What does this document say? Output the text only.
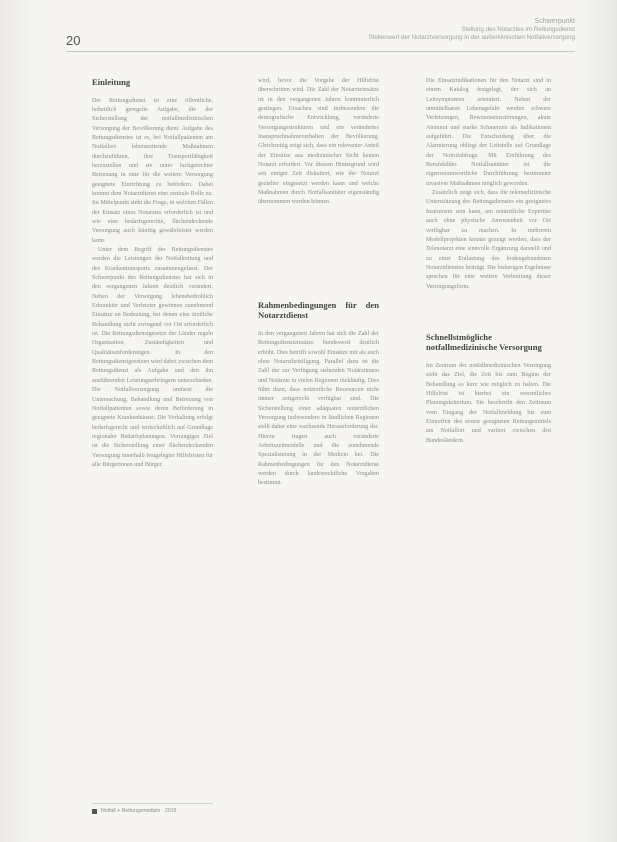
20
Schwerpunkt
Stellung des Notarztes im Rettungsdienst
Stellenwert der Notarztversorgung in der außerklinischen Notfallversorgung
Einleitung

Der Rettungsdienst ist eine öffentliche, hoheitlich geregelte Aufgabe, die der Sicherstellung der notfallmedizinischen Versorgung der Bevölkerung dient. Aufgabe des Rettungsdienstes ist es, bei Notfallpatienten am Notfallort lebensrettende Maßnahmen durchzuführen, ihre Transportfähigkeit herzustellen und sie unter fachgerechter Betreuung in eine für die weitere Versorgung geeignete Einrichtung zu befördern. Dabei kommt dem Notarztdienst eine zentrale Rolle zu. Im Mittelpunkt steht die Frage, in welchen Fällen der Einsatz eines Notarztes erforderlich ist und wie eine bedarfsgerechte, flächendeckende Versorgung auch künftig gewährleistet werden kann.

Unter dem Begriff des Rettungsdienstes werden die Leistungen der Notfallrettung und des Krankentransports zusammengefasst. Der Schwerpunkt des Rettungsdienstes hat sich in den vergangenen Jahren deutlich verändert. Neben der Versorgung lebensbedrohlich Erkrankter und Verletzter gewinnen zunehmend Einsätze an Bedeutung, bei denen eine ärztliche Behandlung nicht zwingend vor Ort erforderlich ist. Die Rettungsdienstgesetze der Länder regeln Organisation, Zuständigkeiten und Qualitätsanforderungen. In den Rettungsdienstgesetzen wird dabei zwischen dem Rettungsdienst als Aufgabe und den ihn ausführenden Leistungserbringern unterschieden. Die Notfallversorgung umfasst die Untersuchung, Behandlung und Betreuung von Notfallpatienten sowie deren Beförderung in geeignete Krankenhäuser. Die Vorhaltung erfolgt bedarfsgerecht und wirtschaftlich auf Grundlage regionaler Bedarfsplanungen. Vorrangiges Ziel ist die Sicherstellung einer flächendeckenden Versorgung innerhalb festgelegter Hilfsfristen für alle Bürgerinnen und Bürger.

wird, bevor die Vorgabe der Hilfsfrist überschritten wird. Die Zahl der Notarzteinsätze ist in den vergangenen Jahren kontinuierlich gestiegen. Ursachen sind insbesondere die demografische Entwicklung, veränderte Versorgungsstrukturen und ein verändertes Inanspruchnahmeverhalten der Bevölkerung. Gleichzeitig zeigt sich, dass ein relevanter Anteil der Einsätze aus medizinischer Sicht keinen Notarzt erfordert. Vor diesem Hintergrund wird seit einiger Zeit diskutiert, wie der Notarzt gezielter eingesetzt werden kann und welche Maßnahmen durch Notfallsanitäter eigenständig übernommen werden können.

Rahmenbedingungen für den Notarztdienst

In den vergangenen Jahren hat sich die Zahl der Rettungsdiensteinsätze bundesweit deutlich erhöht. Dies betrifft sowohl Einsätze mit als auch ohne Notarztbeteiligung. Parallel dazu ist die Zahl der zur Verfügung stehenden Notärztinnen und Notärzte in vielen Regionen rückläufig. Dies führt dazu, dass notärztliche Ressourcen nicht immer zeitgerecht verfügbar sind. Die Sicherstellung einer adäquaten notärztlichen Versorgung insbesondere in ländlichen Regionen stellt daher eine wachsende Herausforderung dar. Hierzu tragen auch veränderte Arbeitszeitmodelle und die zunehmende Spezialisierung in der Medizin bei. Die Rahmenbedingungen für den Notarztdienst werden durch landesrechtliche Vorgaben bestimmt.

Die Einsatzindikationen für den Notarzt sind in einem Katalog festgelegt, der sich an Leitsymptomen orientiert. Neben der unmittelbaren Lebensgefahr werden schwere Verletzungen, Bewusstseinsstörungen, akute Atemnot und starke Schmerzen als Indikationen aufgeführt. Die Entscheidung über die Alarmierung obliegt der Leitstelle auf Grundlage der Notrufabfrage. Mit Einführung des Berufsbildes Notfallsanitäter ist die eigenverantwortliche Durchführung bestimmter invasiver Maßnahmen möglich geworden.

Zusätzlich zeigt sich, dass die telemedizinische Unterstützung des Rettungsdienstes ein geeignetes Instrument sein kann, um notärztliche Expertise auch ohne physische Anwesenheit vor Ort verfügbar zu machen. In mehreren Modellprojekten konnte gezeigt werden, dass der Telenotarzt eine sinnvolle Ergänzung darstellt und zu einer Entlastung des bodengebundenen Notarztdienstes beiträgt. Die bisherigen Ergebnisse sprechen für eine weitere Verbreitung dieser Versorgungsform.

Schnellstmögliche notfallmedizinische Versorgung

Im Zentrum der notfallmedizinischen Versorgung steht das Ziel, die Zeit bis zum Beginn der Behandlung so kurz wie möglich zu halten. Die Hilfsfrist ist hierbei ein wesentliches Planungskriterium. Sie beschreibt den Zeitraum vom Eingang der Notfallmeldung bis zum Eintreffen des ersten geeigneten Rettungsmittels am Notfallort und variiert zwischen den Bundesländern.

Notfall + Rettungsmedizin · 2019
